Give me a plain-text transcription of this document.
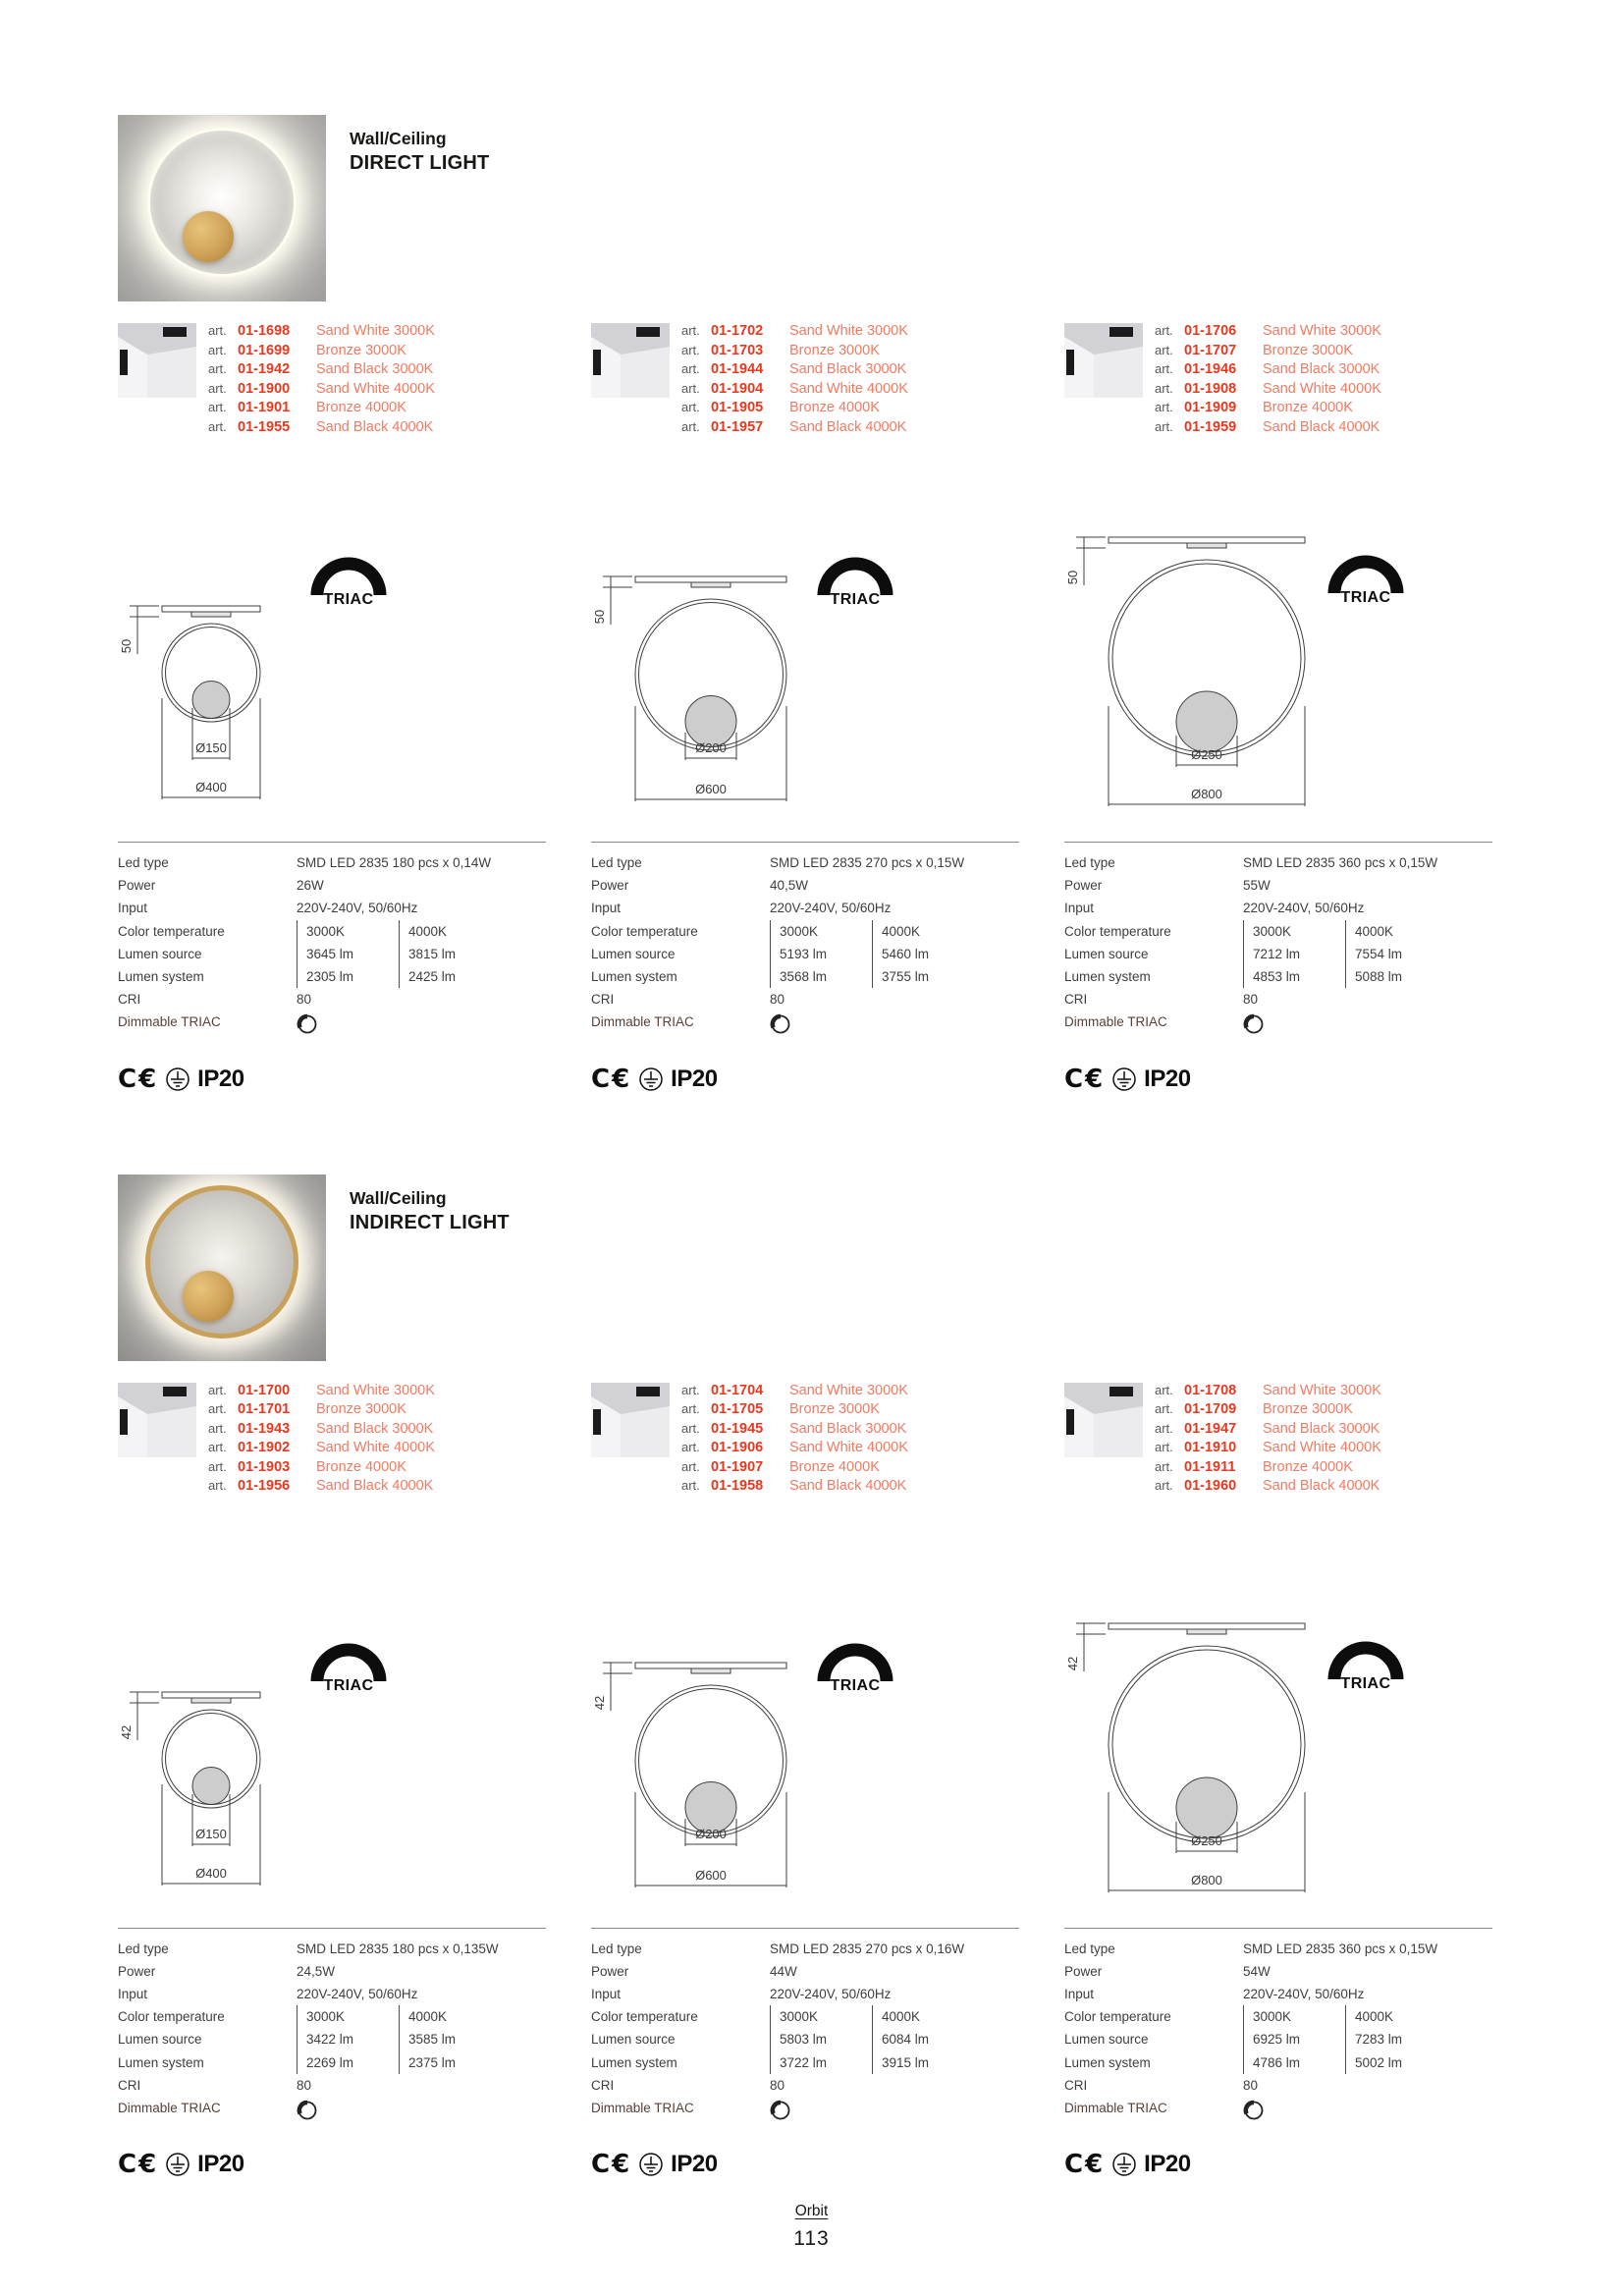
Wall/Ceiling
DIRECT LIGHT
art. 01-1698	Sand White 3000K
art. 01-1699	Bronze 3000K
art. 01-1942	Sand Black 3000K
art. 01-1900	Sand White 4000K
art. 01-1901	Bronze 4000K
art. 01-1955	Sand Black 4000K
50
Ø150
Ø400
TRIAC
Led type	SMD LED 2835 180 pcs x 0,14W
Power	26W
Input	220V-240V, 50/60Hz
Color temperature	3000K	4000K
Lumen source	3645 lm	3815 lm
Lumen system	2305 lm	2425 lm
CRI	80
Dimmable TRIAC
C€ IP20
art. 01-1702	Sand White 3000K
art. 01-1703	Bronze 3000K
art. 01-1944	Sand Black 3000K
art. 01-1904	Sand White 4000K
art. 01-1905	Bronze 4000K
art. 01-1957	Sand Black 4000K
50
Ø200
Ø600
TRIAC
Led type	SMD LED 2835 270 pcs x 0,15W
Power	40,5W
Input	220V-240V, 50/60Hz
Color temperature	3000K	4000K
Lumen source	5193 lm	5460 lm
Lumen system	3568 lm	3755 lm
CRI	80
Dimmable TRIAC
C€ IP20
art. 01-1706	Sand White 3000K
art. 01-1707	Bronze 3000K
art. 01-1946	Sand Black 3000K
art. 01-1908	Sand White 4000K
art. 01-1909	Bronze 4000K
art. 01-1959	Sand Black 4000K
50
Ø250
Ø800
TRIAC
Led type	SMD LED 2835 360 pcs x 0,15W
Power	55W
Input	220V-240V, 50/60Hz
Color temperature	3000K	4000K
Lumen source	7212 lm	7554 lm
Lumen system	4853 lm	5088 lm
CRI	80
Dimmable TRIAC
C€ IP20
Wall/Ceiling
INDIRECT LIGHT
art. 01-1700	Sand White 3000K
art. 01-1701	Bronze 3000K
art. 01-1943	Sand Black 3000K
art. 01-1902	Sand White 4000K
art. 01-1903	Bronze 4000K
art. 01-1956	Sand Black 4000K
42
Ø150
Ø400
TRIAC
Led type	SMD LED 2835 180 pcs x 0,135W
Power	24,5W
Input	220V-240V, 50/60Hz
Color temperature	3000K	4000K
Lumen source	3422 lm	3585 lm
Lumen system	2269 lm	2375 lm
CRI	80
Dimmable TRIAC
C€ IP20
art. 01-1704	Sand White 3000K
art. 01-1705	Bronze 3000K
art. 01-1945	Sand Black 3000K
art. 01-1906	Sand White 4000K
art. 01-1907	Bronze 4000K
art. 01-1958	Sand Black 4000K
42
Ø200
Ø600
TRIAC
Led type	SMD LED 2835 270 pcs x 0,16W
Power	44W
Input	220V-240V, 50/60Hz
Color temperature	3000K	4000K
Lumen source	5803 lm	6084 lm
Lumen system	3722 lm	3915 lm
CRI	80
Dimmable TRIAC
C€ IP20
art. 01-1708	Sand White 3000K
art. 01-1709	Bronze 3000K
art. 01-1947	Sand Black 3000K
art. 01-1910	Sand White 4000K
art. 01-1911	Bronze 4000K
art. 01-1960	Sand Black 4000K
42
Ø250
Ø800
TRIAC
Led type	SMD LED 2835 360 pcs x 0,15W
Power	54W
Input	220V-240V, 50/60Hz
Color temperature	3000K	4000K
Lumen source	6925 lm	7283 lm
Lumen system	4786 lm	5002 lm
CRI	80
Dimmable TRIAC
C€ IP20
Orbit
113
